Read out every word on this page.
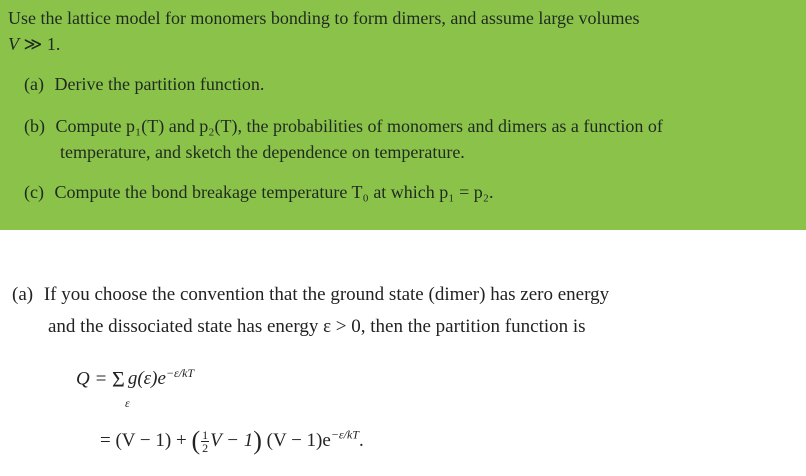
Use the lattice model for monomers bonding to form dimers, and assume large volumes
V ≫ 1.
(a) Derive the partition function.
(b) Compute p₁(T) and p₂(T), the probabilities of monomers and dimers as a function of
temperature, and sketch the dependence on temperature.
(c) Compute the bond breakage temperature T₀ at which p₁ = p₂.
(a) If you choose the convention that the ground state (dimer) has zero energy
and the dissociated state has energy ε > 0, then the partition function is
Q = Σ $g(\varepsilon)e^{-\varepsilon/kT}$
ε
= (V − 1) + ( $\frac{1}{2}$ V − 1) $(V - 1)e^{-\varepsilon/kT}$.
